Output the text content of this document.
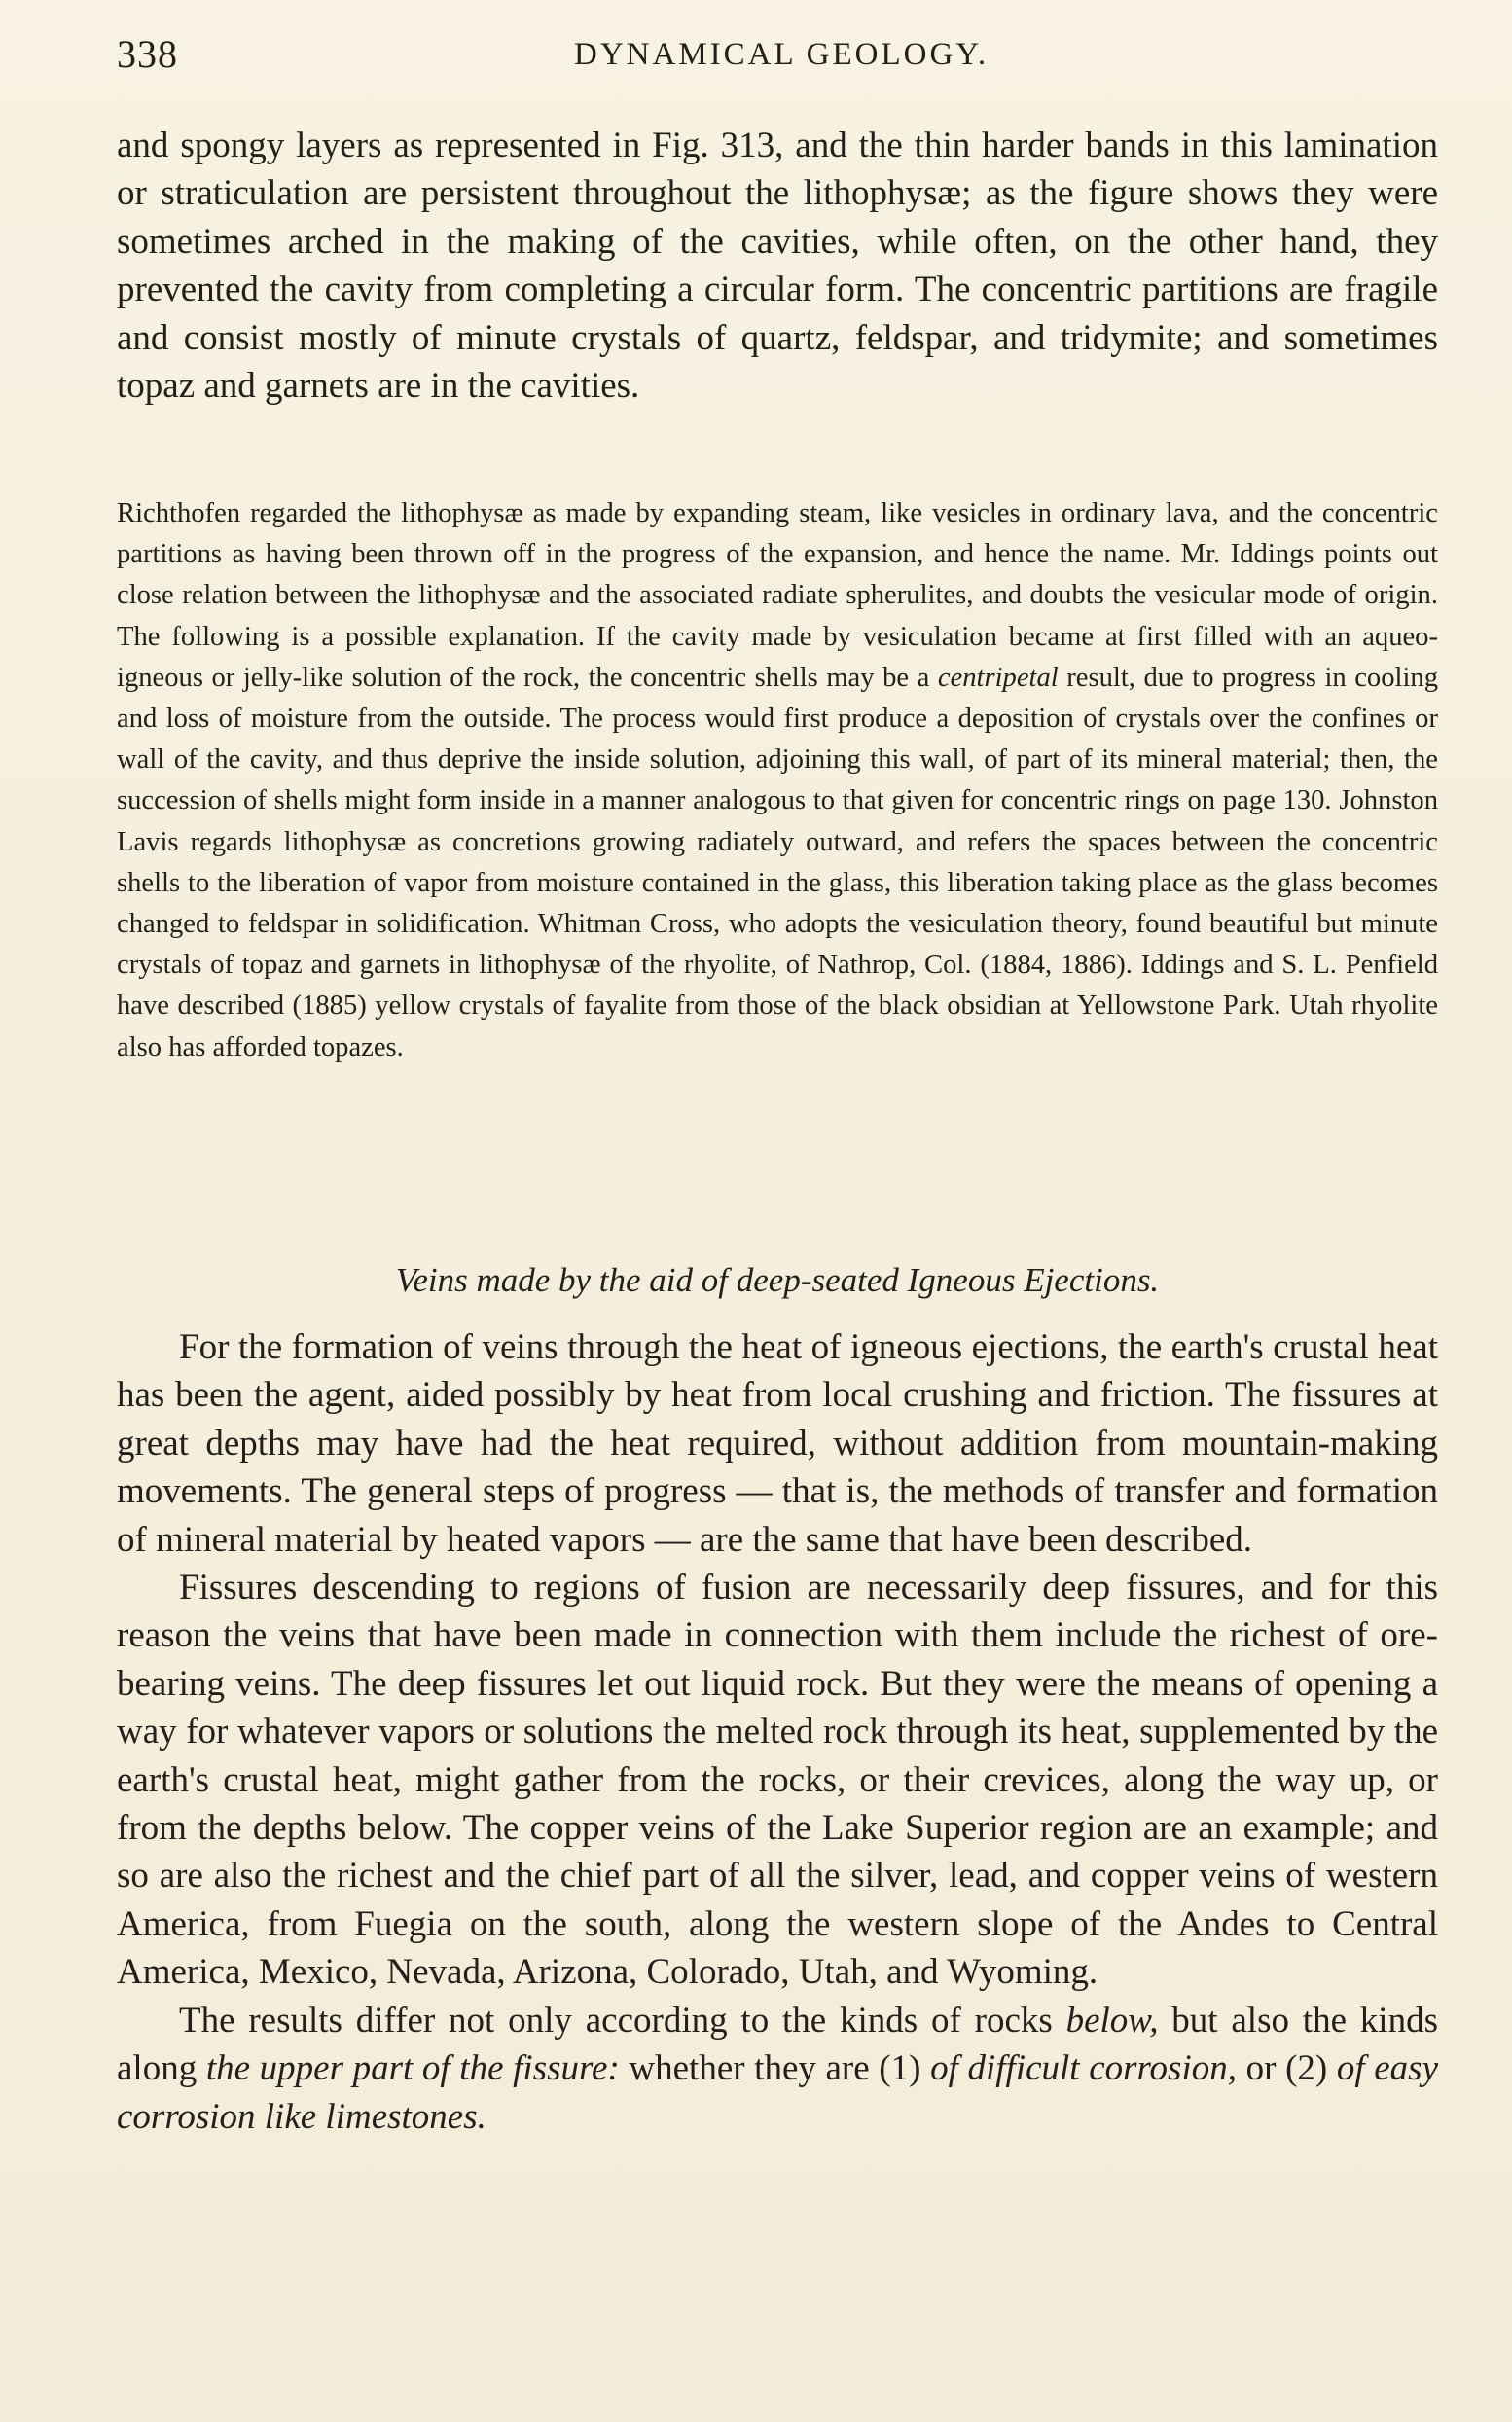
338	DYNAMICAL GEOLOGY.

and spongy layers as represented in Fig. 313, and the thin harder bands in this lamination or straticulation are persistent throughout the lithophysæ; as the figure shows they were sometimes arched in the making of the cavities, while often, on the other hand, they prevented the cavity from completing a circular form. The concentric partitions are fragile and consist mostly of minute crystals of quartz, feldspar, and tridymite; and sometimes topaz and garnets are in the cavities.

Richthofen regarded the lithophysæ as made by expanding steam, like vesicles in ordinary lava, and the concentric partitions as having been thrown off in the progress of the expansion, and hence the name. Mr. Iddings points out close relation between the lithophysæ and the associated radiate spherulites, and doubts the vesicular mode of origin. The following is a possible explanation. If the cavity made by vesiculation became at first filled with an aqueo-igneous or jelly-like solution of the rock, the concentric shells may be a centripetal result, due to progress in cooling and loss of moisture from the outside. The process would first produce a deposition of crystals over the confines or wall of the cavity, and thus deprive the inside solution, adjoining this wall, of part of its mineral material; then, the succession of shells might form inside in a manner analogous to that given for concentric rings on page 130. Johnston Lavis regards lithophysæ as concretions growing radiately outward, and refers the spaces between the concentric shells to the liberation of vapor from moisture contained in the glass, this liberation taking place as the glass becomes changed to feldspar in solidification. Whitman Cross, who adopts the vesiculation theory, found beautiful but minute crystals of topaz and garnets in lithophysæ of the rhyolite, of Nathrop, Col. (1884, 1886). Iddings and S. L. Penfield have described (1885) yellow crystals of fayalite from those of the black obsidian at Yellowstone Park. Utah rhyolite also has afforded topazes.

Veins made by the aid of deep-seated Igneous Ejections.

For the formation of veins through the heat of igneous ejections, the earth's crustal heat has been the agent, aided possibly by heat from local crushing and friction. The fissures at great depths may have had the heat required, without addition from mountain-making movements. The general steps of progress — that is, the methods of transfer and formation of mineral material by heated vapors — are the same that have been described.

Fissures descending to regions of fusion are necessarily deep fissures, and for this reason the veins that have been made in connection with them include the richest of ore-bearing veins. The deep fissures let out liquid rock. But they were the means of opening a way for whatever vapors or solutions the melted rock through its heat, supplemented by the earth's crustal heat, might gather from the rocks, or their crevices, along the way up, or from the depths below. The copper veins of the Lake Superior region are an example; and so are also the richest and the chief part of all the silver, lead, and copper veins of western America, from Fuegia on the south, along the western slope of the Andes to Central America, Mexico, Nevada, Arizona, Colorado, Utah, and Wyoming.

The results differ not only according to the kinds of rocks below, but also the kinds along the upper part of the fissure: whether they are (1) of difficult corrosion, or (2) of easy corrosion like limestones.
